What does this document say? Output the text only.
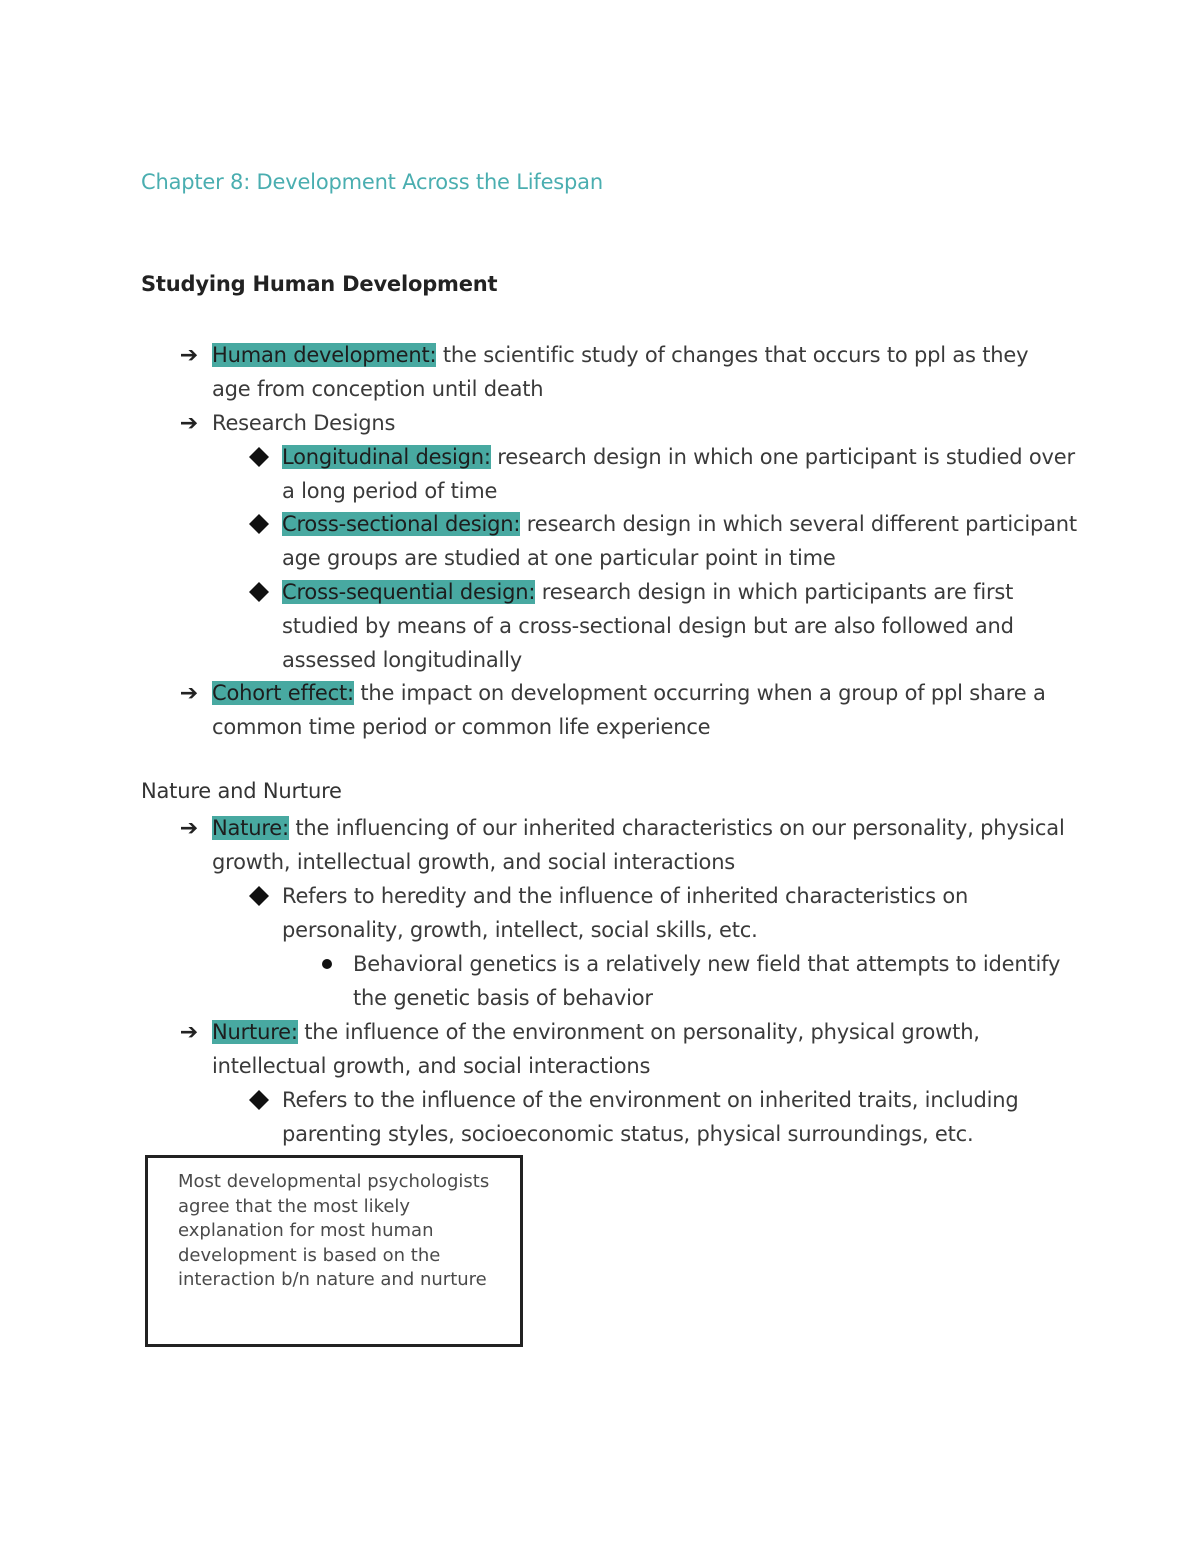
Chapter 8: Development Across the Lifespan
Studying Human Development
➔ Human development: the scientific study of changes that occurs to ppl as they age from conception until death
➔ Research Designs
Longitudinal design: research design in which one participant is studied over a long period of time
Cross-sectional design: research design in which several different participant age groups are studied at one particular point in time
Cross-sequential design: research design in which participants are first studied by means of a cross-sectional design but are also followed and assessed longitudinally
➔ Cohort effect: the impact on development occurring when a group of ppl share a common time period or common life experience
Nature and Nurture
➔ Nature: the influencing of our inherited characteristics on our personality, physical growth, intellectual growth, and social interactions
Refers to heredity and the influence of inherited characteristics on personality, growth, intellect, social skills, etc.
Behavioral genetics is a relatively new field that attempts to identify the genetic basis of behavior
➔ Nurture: the influence of the environment on personality, physical growth, intellectual growth, and social interactions
Refers to the influence of the environment on inherited traits, including parenting styles, socioeconomic status, physical surroundings, etc.
Most developmental psychologists agree that the most likely explanation for most human development is based on the interaction b/n nature and nurture
